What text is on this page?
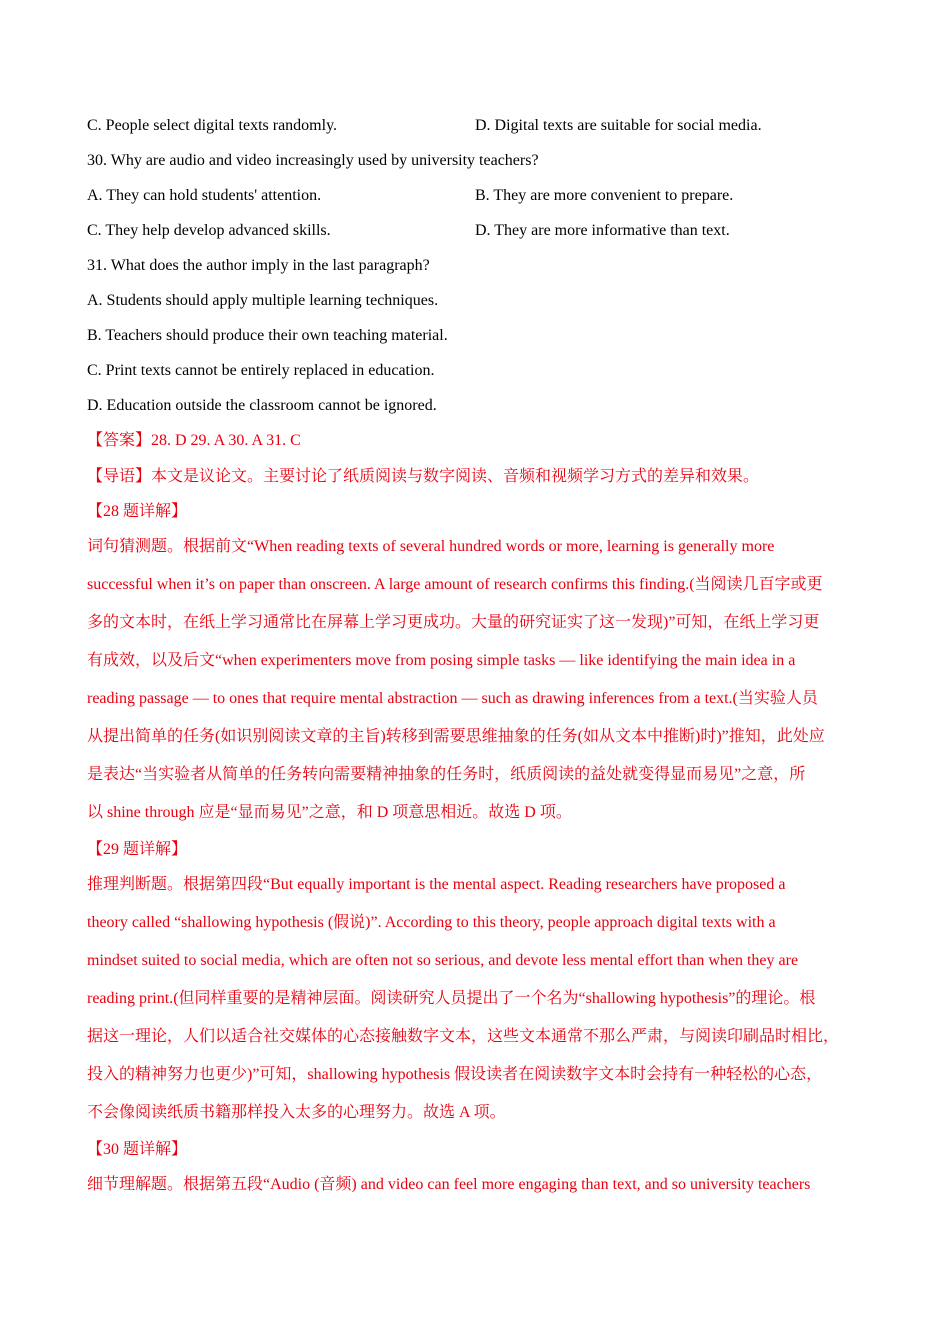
C. People select digital texts randomly.	D. Digital texts are suitable for social media.
30. Why are audio and video increasingly used by university teachers?
A. They can hold students' attention.	B. They are more convenient to prepare.
C. They help develop advanced skills.	D. They are more informative than text.
31. What does the author imply in the last paragraph?
A. Students should apply multiple learning techniques.
B. Teachers should produce their own teaching material.
C. Print texts cannot be entirely replaced in education.
D. Education outside the classroom cannot be ignored.
【答案】28. D 29. A 30. A 31. C
【导语】本文是议论文。主要讨论了纸质阅读与数字阅读、音频和视频学习方式的差异和效果。
【28 题详解】
词句猜测题。根据前文“When reading texts of several hundred words or more, learning is generally more
successful when it’s on paper than onscreen. A large amount of research confirms this finding.(当阅读几百字或更
多的文本时，在纸上学习通常比在屏幕上学习更成功。大量的研究证实了这一发现)”可知，在纸上学习更
有成效，以及后文“when experimenters move from posing simple tasks — like identifying the main idea in a
reading passage — to ones that require mental abstraction — such as drawing inferences from a text.(当实验人员
从提出简单的任务(如识别阅读文章的主旨)转移到需要思维抽象的任务(如从文本中推断)时)”推知，此处应
是表达“当实验者从简单的任务转向需要精神抽象的任务时，纸质阅读的益处就变得显而易见”之意，所
以 shine through 应是“显而易见”之意，和 D 项意思相近。故选 D 项。
【29 题详解】
推理判断题。根据第四段“But equally important is the mental aspect. Reading researchers have proposed a
theory called “shallowing hypothesis (假说)”. According to this theory, people approach digital texts with a
mindset suited to social media, which are often not so serious, and devote less mental effort than when they are
reading print.(但同样重要的是精神层面。阅读研究人员提出了一个名为“shallowing hypothesis”的理论。根
据这一理论，人们以适合社交媒体的心态接触数字文本，这些文本通常不那么严肃，与阅读印刷品时相比，
投入的精神努力也更少)”可知，shallowing hypothesis 假设读者在阅读数字文本时会持有一种轻松的心态，
不会像阅读纸质书籍那样投入太多的心理努力。故选 A 项。
【30 题详解】
细节理解题。根据第五段“Audio (音频) and video can feel more engaging than text, and so university teachers
